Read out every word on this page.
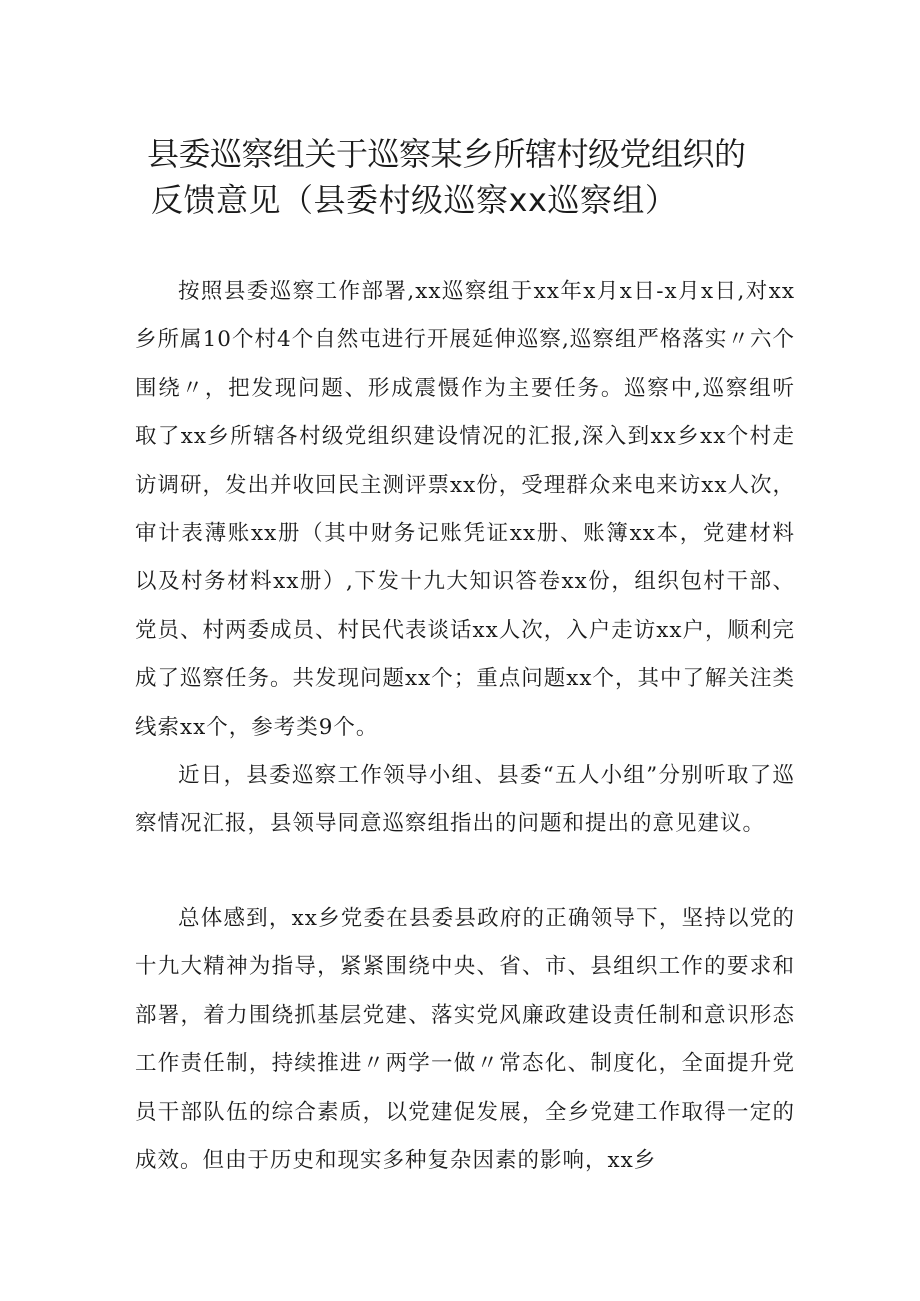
县委巡察组关于巡察某乡所辖村级党组织的
反馈意见（县委村级巡察xx巡察组）

按照县委巡察工作部署,xx巡察组于xx年x月x日-x月x日,对xx乡所属10个村4个自然屯进行开展延伸巡察,巡察组严格落实〃六个围绕〃，把发现问题、形成震慑作为主要任务。巡察中,巡察组听取了xx乡所辖各村级党组织建设情况的汇报,深入到xx乡xx个村走访调研，发出并收回民主测评票xx份，受理群众来电来访xx人次，审计表薄账xx册（其中财务记账凭证xx册、账簿xx本，党建材料以及村务材料xx册）,下发十九大知识答卷xx份，组织包村干部、党员、村两委成员、村民代表谈话xx人次，入户走访xx户，顺利完成了巡察任务。共发现问题xx个；重点问题xx个，其中了解关注类线索xx个，参考类9个。

近日，县委巡察工作领导小组、县委“五人小组”分别听取了巡察情况汇报，县领导同意巡察组指出的问题和提出的意见建议。

总体感到，xx乡党委在县委县政府的正确领导下，坚持以党的十九大精神为指导，紧紧围绕中央、省、市、县组织工作的要求和部署，着力围绕抓基层党建、落实党风廉政建设责任制和意识形态工作责任制，持续推进〃两学一做〃常态化、制度化，全面提升党员干部队伍的综合素质，以党建促发展，全乡党建工作取得一定的成效。但由于历史和现实多种复杂因素的影响，xx乡
